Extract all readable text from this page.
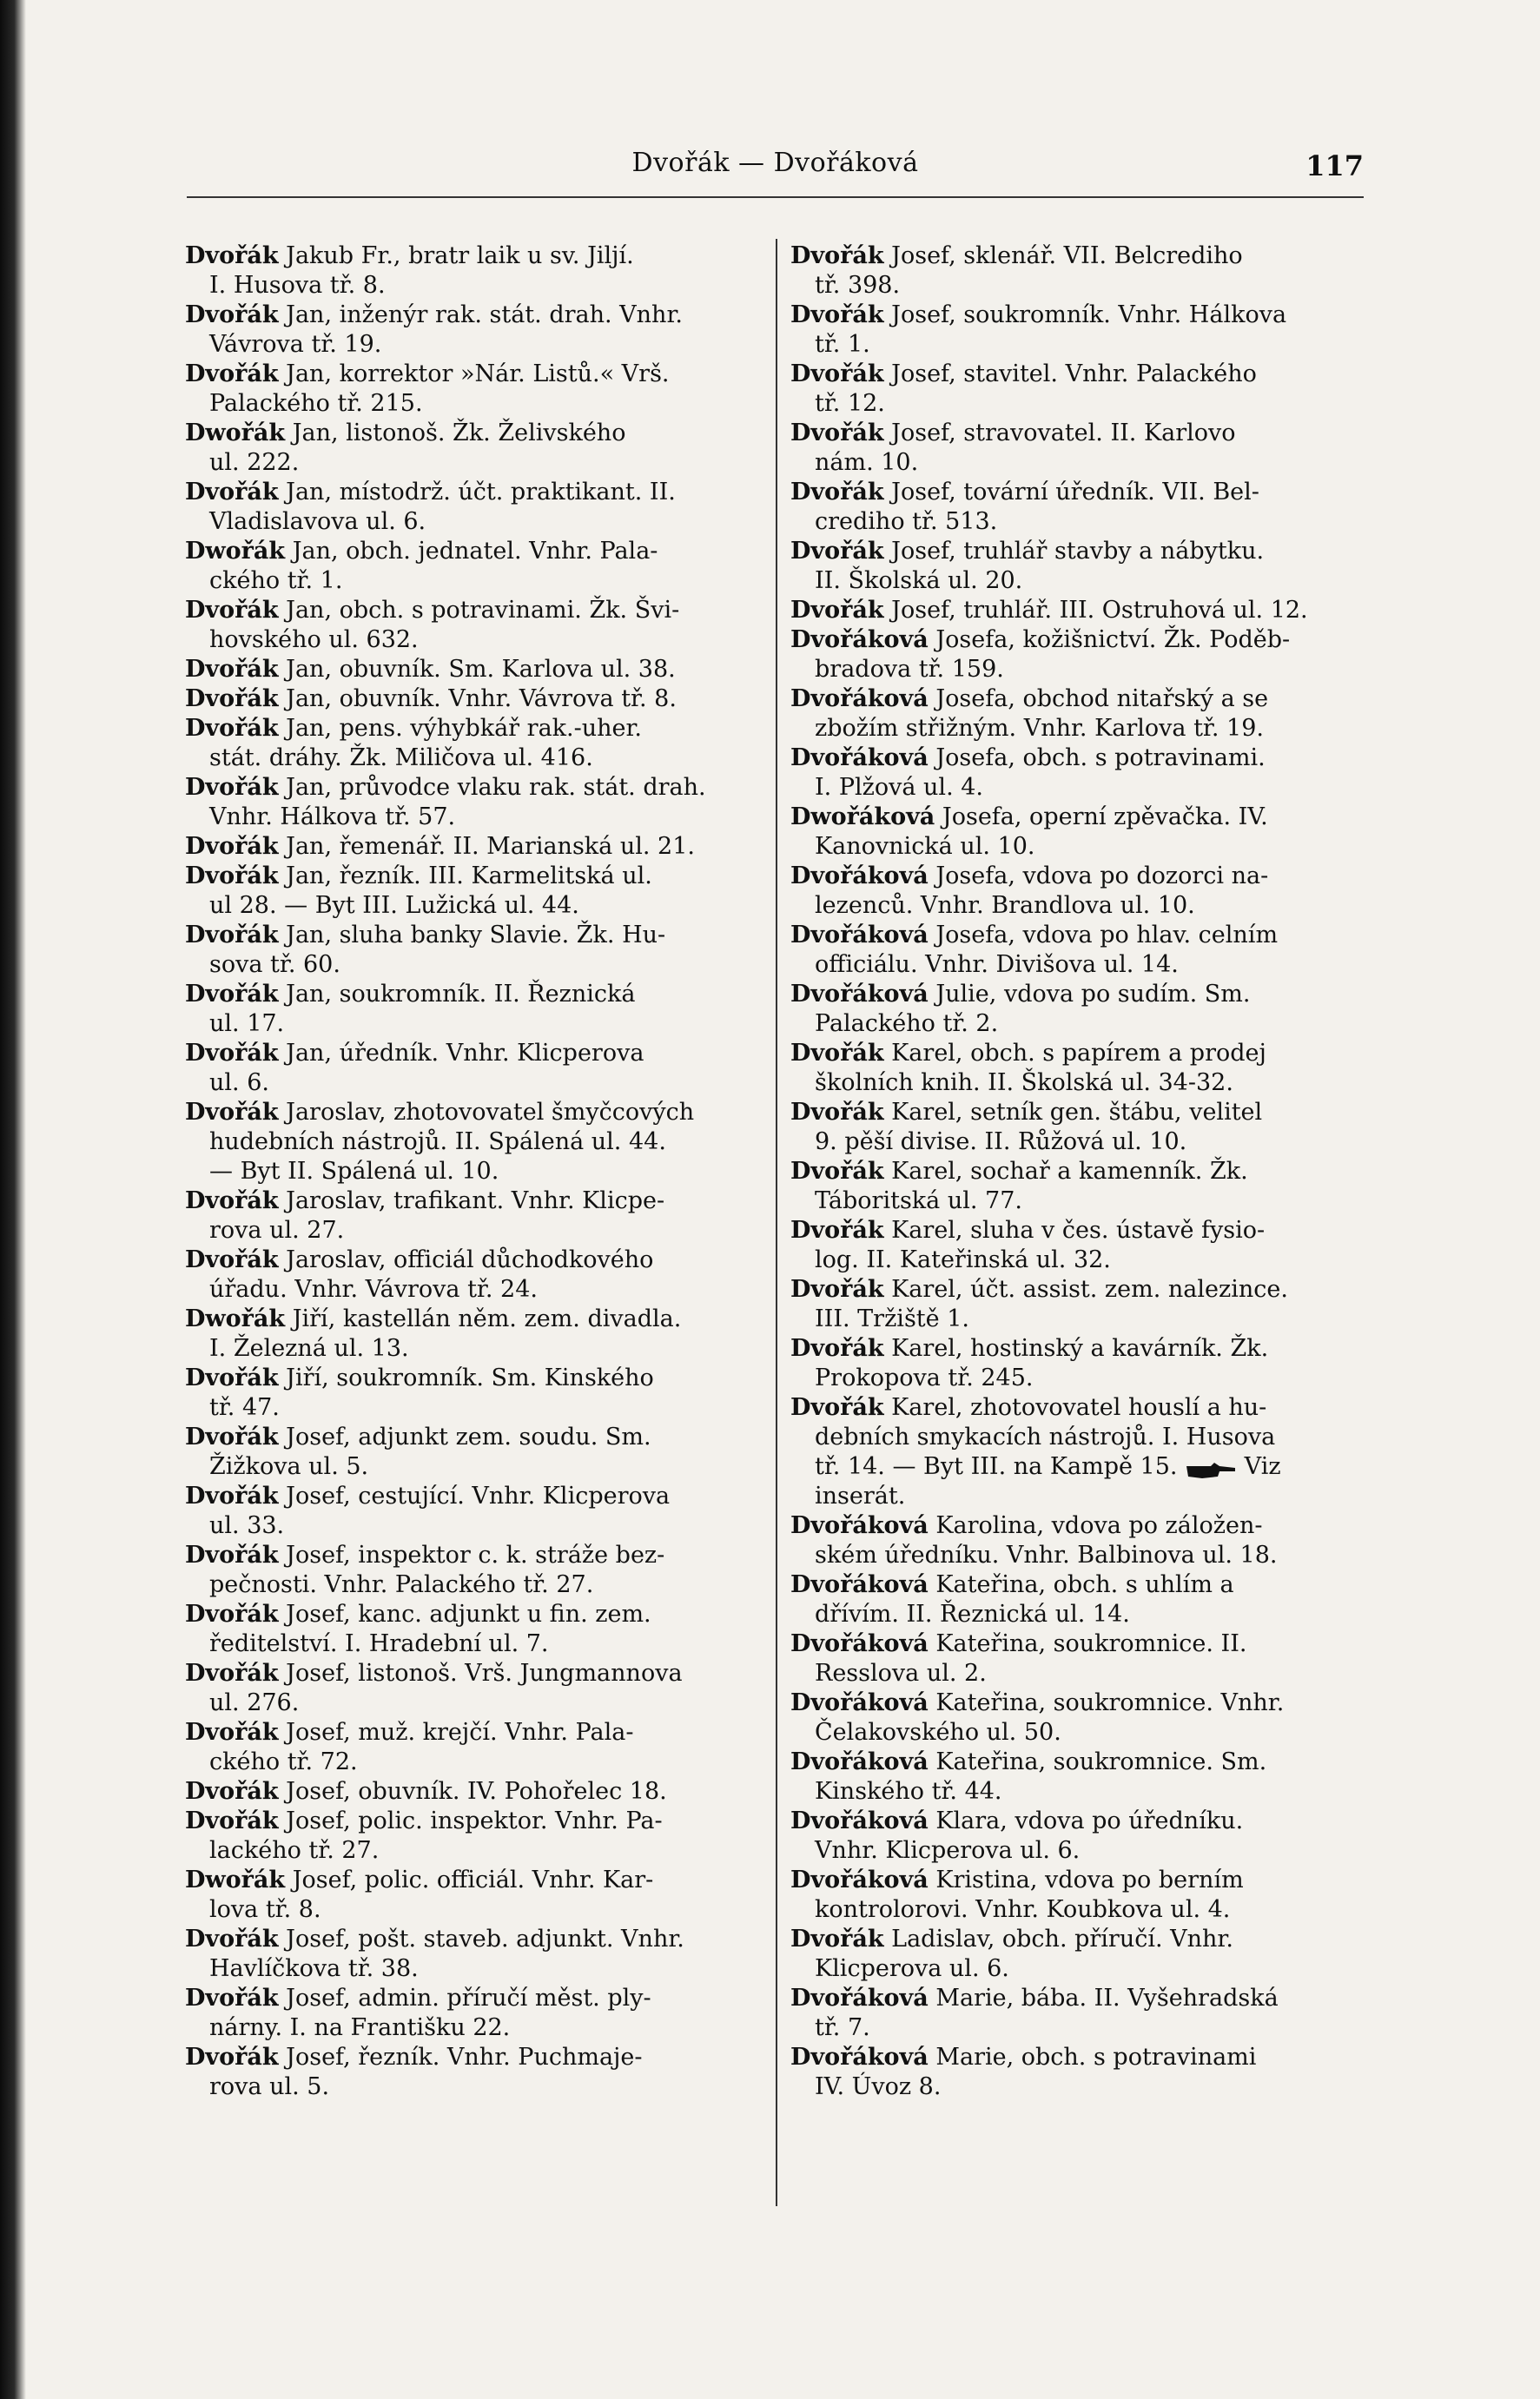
Dvořák — Dvořáková	117
Dvořák Jakub Fr., bratr laik u sv. Jiljí.
I. Husova tř. 8.
Dvořák Jan, inženýr rak. stát. drah. Vnhr.
Vávrova tř. 19.
Dvořák Jan, korrektor »Nár. Listů.« Vrš.
Palackého tř. 215.
Dwořák Jan, listonoš. Žk. Želivského
ul. 222.
Dvořák Jan, místodrž. účt. praktikant. II.
Vladislavova ul. 6.
Dwořák Jan, obch. jednatel. Vnhr. Pala-
ckého tř. 1.
Dvořák Jan, obch. s potravinami. Žk. Švi-
hovského ul. 632.
Dvořák Jan, obuvník. Sm. Karlova ul. 38.
Dvořák Jan, obuvník. Vnhr. Vávrova tř. 8.
Dvořák Jan, pens. výhybkář rak.-uher.
stát. dráhy. Žk. Miličova ul. 416.
Dvořák Jan, průvodce vlaku rak. stát. drah.
Vnhr. Hálkova tř. 57.
Dvořák Jan, řemenář. II. Marianská ul. 21.
Dvořák Jan, řezník. III. Karmelitská ul.
ul 28. — Byt III. Lužická ul. 44.
Dvořák Jan, sluha banky Slavie. Žk. Hu-
sova tř. 60.
Dvořák Jan, soukromník. II. Řeznická
ul. 17.
Dvořák Jan, úředník. Vnhr. Klicperova
ul. 6.
Dvořák Jaroslav, zhotovovatel šmyčcových
hudebních nástrojů. II. Spálená ul. 44.
— Byt II. Spálená ul. 10.
Dvořák Jaroslav, trafikant. Vnhr. Klicpe-
rova ul. 27.
Dvořák Jaroslav, officiál důchodkového
úřadu. Vnhr. Vávrova tř. 24.
Dwořák Jiří, kastellán něm. zem. divadla.
I. Železná ul. 13.
Dvořák Jiří, soukromník. Sm. Kinského
tř. 47.
Dvořák Josef, adjunkt zem. soudu. Sm.
Žižkova ul. 5.
Dvořák Josef, cestující. Vnhr. Klicperova
ul. 33.
Dvořák Josef, inspektor c. k. stráže bez-
pečnosti. Vnhr. Palackého tř. 27.
Dvořák Josef, kanc. adjunkt u fin. zem.
ředitelství. I. Hradební ul. 7.
Dvořák Josef, listonoš. Vrš. Jungmannova
ul. 276.
Dvořák Josef, muž. krejčí. Vnhr. Pala-
ckého tř. 72.
Dvořák Josef, obuvník. IV. Pohořelec 18.
Dvořák Josef, polic. inspektor. Vnhr. Pa-
lackého tř. 27.
Dwořák Josef, polic. officiál. Vnhr. Kar-
lova tř. 8.
Dvořák Josef, pošt. staveb. adjunkt. Vnhr.
Havlíčkova tř. 38.
Dvořák Josef, admin. příručí měst. ply-
nárny. I. na Františku 22.
Dvořák Josef, řezník. Vnhr. Puchmaje-
rova ul. 5.
Dvořák Josef, sklenář. VII. Belcrediho
tř. 398.
Dvořák Josef, soukromník. Vnhr. Hálkova
tř. 1.
Dvořák Josef, stavitel. Vnhr. Palackého
tř. 12.
Dvořák Josef, stravovatel. II. Karlovo
nám. 10.
Dvořák Josef, tovární úředník. VII. Bel-
crediho tř. 513.
Dvořák Josef, truhlář stavby a nábytku.
II. Školská ul. 20.
Dvořák Josef, truhlář. III. Ostruhová ul. 12.
Dvořáková Josefa, kožišnictví. Žk. Poděb-
bradova tř. 159.
Dvořáková Josefa, obchod nitařský a se
zbožím střižným. Vnhr. Karlova tř. 19.
Dvořáková Josefa, obch. s potravinami.
I. Plžová ul. 4.
Dwořáková Josefa, operní zpěvačka. IV.
Kanovnická ul. 10.
Dvořáková Josefa, vdova po dozorci na-
lezenců. Vnhr. Brandlova ul. 10.
Dvořáková Josefa, vdova po hlav. celním
officiálu. Vnhr. Divišova ul. 14.
Dvořáková Julie, vdova po sudím. Sm.
Palackého tř. 2.
Dvořák Karel, obch. s papírem a prodej
školních knih. II. Školská ul. 34-32.
Dvořák Karel, setník gen. štábu, velitel
9. pěší divise. II. Růžová ul. 10.
Dvořák Karel, sochař a kamenník. Žk.
Táboritská ul. 77.
Dvořák Karel, sluha v čes. ústavě fysio-
log. II. Kateřinská ul. 32.
Dvořák Karel, účt. assist. zem. nalezince.
III. Tržiště 1.
Dvořák Karel, hostinský a kavárník. Žk.
Prokopova tř. 245.
Dvořák Karel, zhotovovatel houslí a hu-
debních smykacích nástrojů. I. Husova
tř. 14. — Byt III. na Kampě 15.	Viz
inserát.
Dvořáková Karolina, vdova po záložen-
ském úředníku. Vnhr. Balbinova ul. 18.
Dvořáková Kateřina, obch. s uhlím a
dřívím. II. Řeznická ul. 14.
Dvořáková Kateřina, soukromnice. II.
Resslova ul. 2.
Dvořáková Kateřina, soukromnice. Vnhr.
Čelakovského ul. 50.
Dvořáková Kateřina, soukromnice. Sm.
Kinského tř. 44.
Dvořáková Klara, vdova po úředníku.
Vnhr. Klicperova ul. 6.
Dvořáková Kristina, vdova po berním
kontrolorovi. Vnhr. Koubkova ul. 4.
Dvořák Ladislav, obch. příručí. Vnhr.
Klicperova ul. 6.
Dvořáková Marie, bába. II. Vyšehradská
tř. 7.
Dvořáková Marie, obch. s potravinami
IV. Úvoz 8.
